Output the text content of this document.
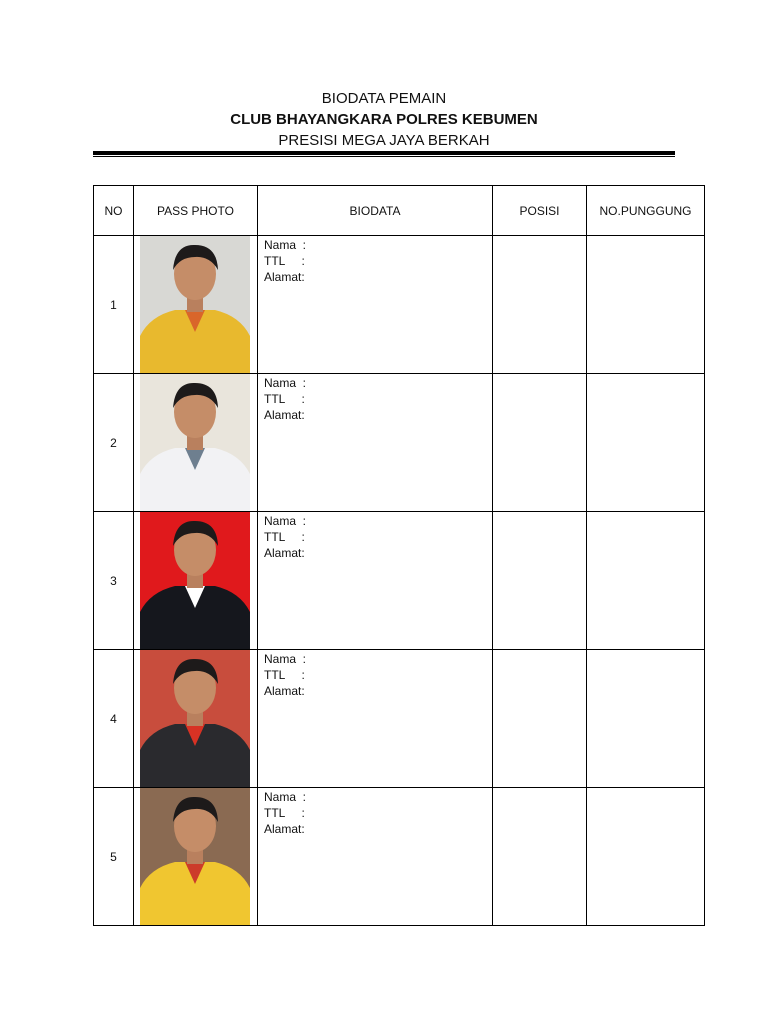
BIODATA PEMAIN
CLUB BHAYANGKARA POLRES KEBUMEN
PRESISI MEGA JAYA BERKAH
NO	PASS PHOTO	BIODATA	POSISI	NO.PUNGGUNG
1		Nama  :
TTL     :
Alamat:		

2		Nama  :
TTL     :
Alamat:		

3		Nama  :
TTL     :
Alamat:		

4		Nama  :
TTL     :
Alamat:		

5		Nama  :
TTL     :
Alamat:		
